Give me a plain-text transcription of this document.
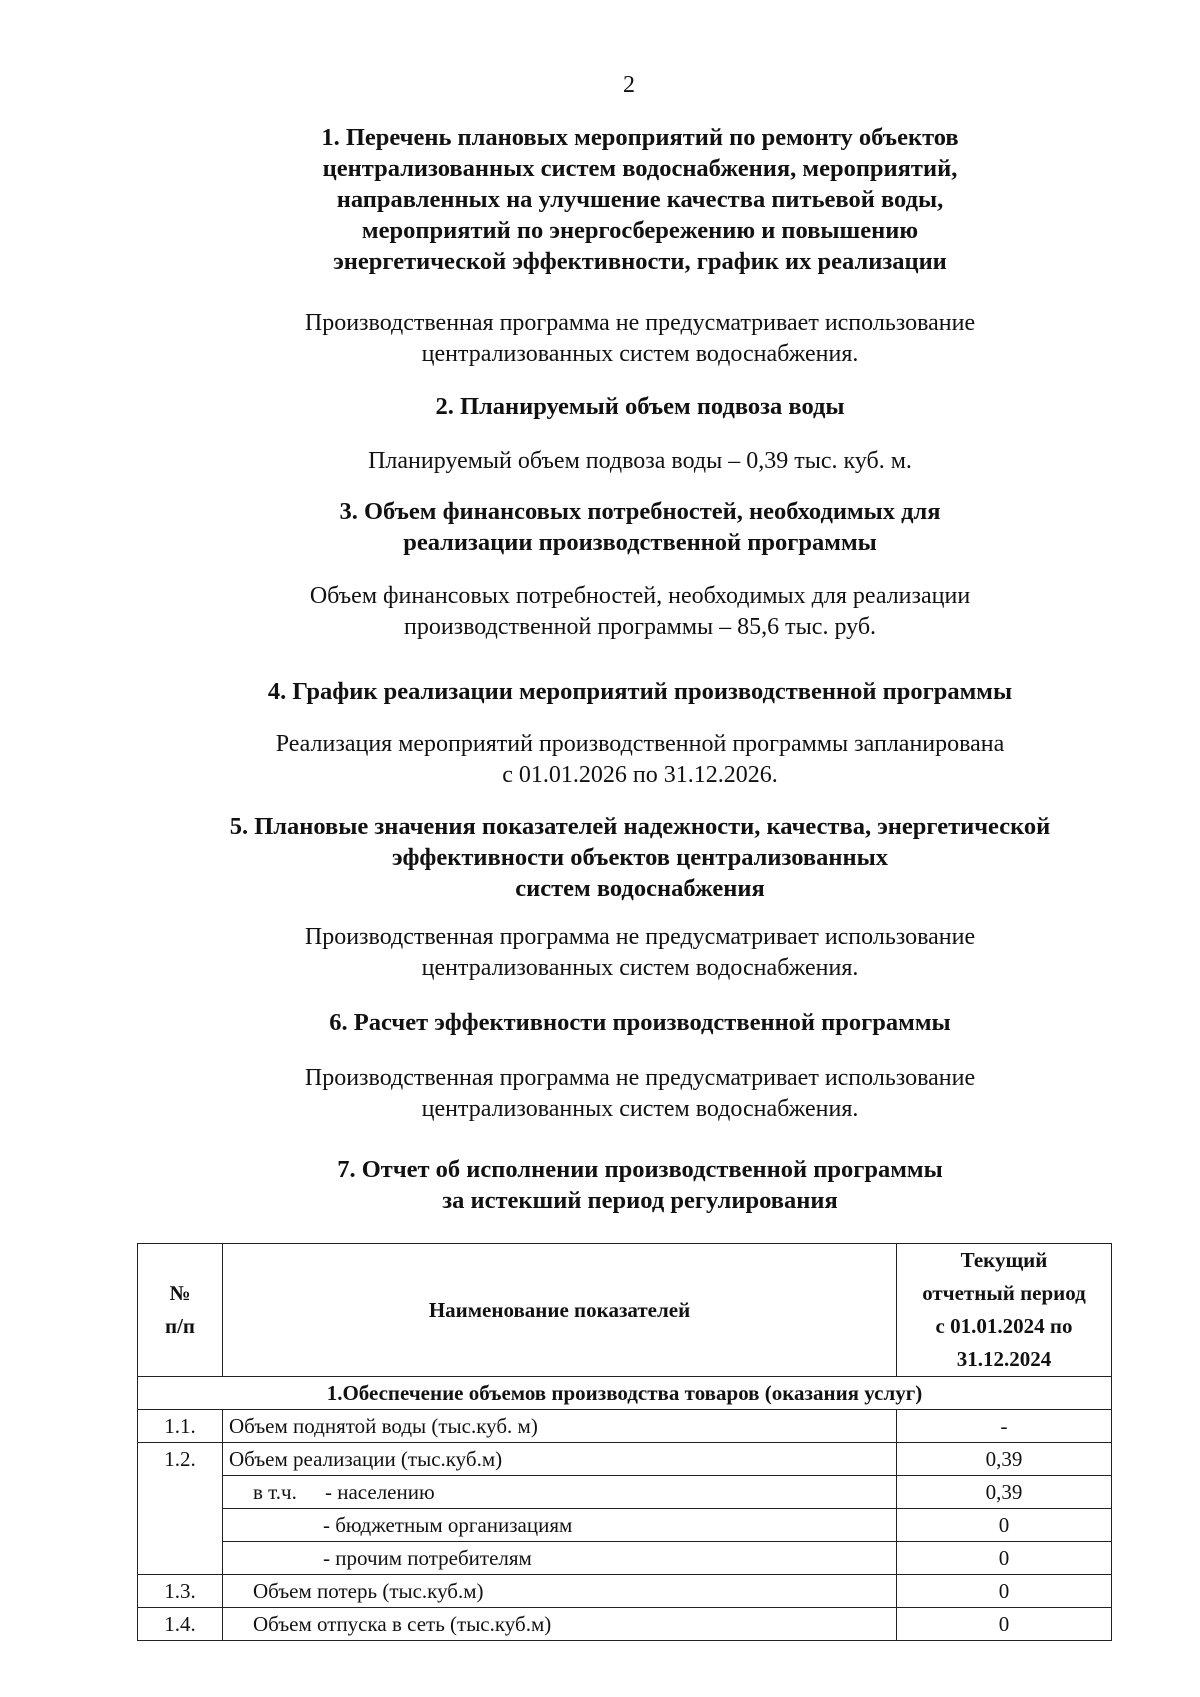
2
1. Перечень плановых мероприятий по ремонту объектов
централизованных систем водоснабжения, мероприятий,
направленных на улучшение качества питьевой воды,
мероприятий по энергосбережению и повышению
энергетической эффективности, график их реализации
Производственная программа не предусматривает использование
централизованных систем водоснабжения.
2. Планируемый объем подвоза воды
Планируемый объем подвоза воды – 0,39 тыс. куб. м.
3. Объем финансовых потребностей, необходимых для
реализации производственной программы
Объем финансовых потребностей, необходимых для реализации
производственной программы – 85,6 тыс. руб.
4. График реализации мероприятий производственной программы
Реализация мероприятий производственной программы запланирована
с 01.01.2026 по 31.12.2026.
5. Плановые значения показателей надежности, качества, энергетической
эффективности объектов централизованных
систем водоснабжения
Производственная программа не предусматривает использование
централизованных систем водоснабжения.
6. Расчет эффективности производственной программы
Производственная программа не предусматривает использование
централизованных систем водоснабжения.
7. Отчет об исполнении производственной программы
за истекший период регулирования
№
п/п	Наименование показателей	Текущий
отчетный период
с 01.01.2024 по
31.12.2024

1.Обеспечение объемов производства товаров (оказания услуг)		
1.1.	Объем поднятой воды (тыс.куб. м)	-
1.2.	Объем реализации (тыс.куб.м)	0,39
	в т.ч. - населению	0,39
	- бюджетным организациям	0
	- прочим потребителям	0
1.3.	Объем потерь (тыс.куб.м)	0
1.4.	Объем отпуска в сеть (тыс.куб.м)	0
